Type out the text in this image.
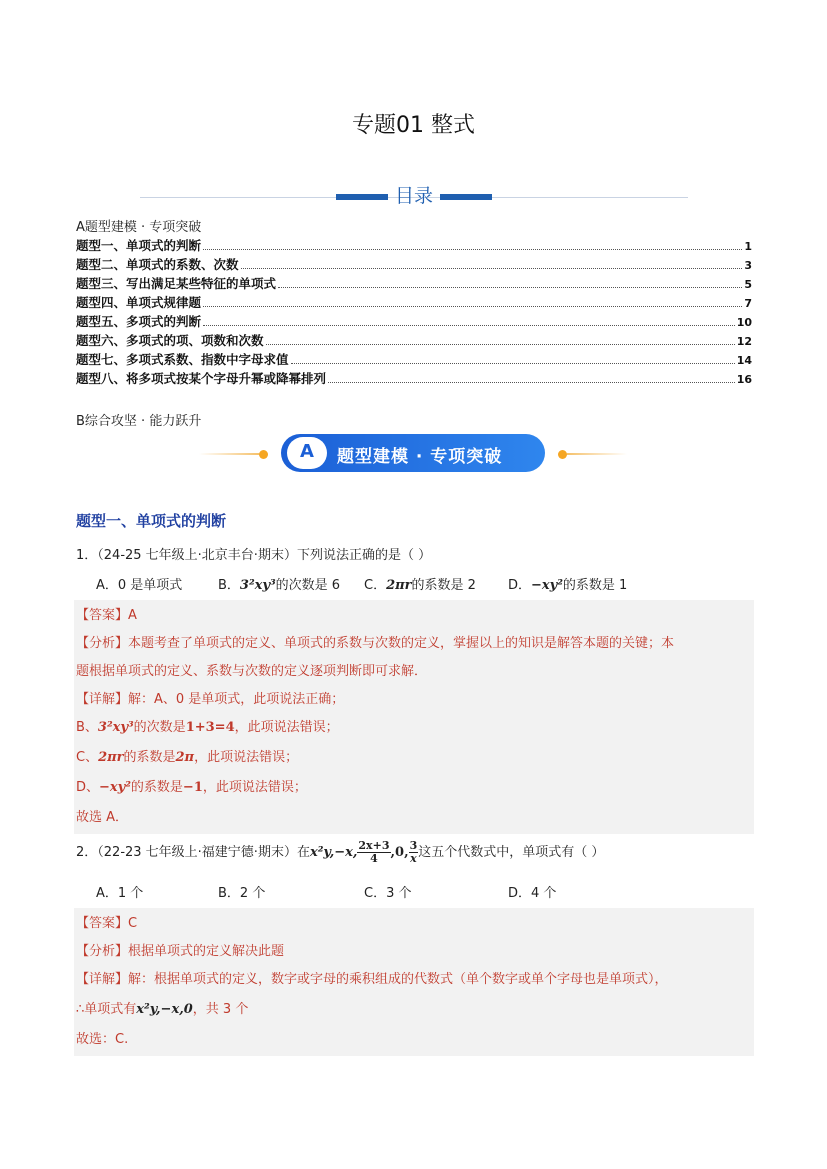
专题01 整式
目录
A题型建模 · 专项突破
题型一、单项式的判断	1
题型二、单项式的系数、次数	3
题型三、写出满足某些特征的单项式	5
题型四、单项式规律题	7
题型五、多项式的判断	10
题型六、多项式的项、项数和次数	12
题型七、多项式系数、指数中字母求值	14
题型八、将多项式按某个字母升幂或降幂排列	16
B综合攻坚 · 能力跃升
A	题型建模 · 专项突破
题型一、单项式的判断
1．（24-25 七年级上·北京丰台·期末）下列说法正确的是（ ）
A．0 是单项式	B．3²xy³的次数是 6 C．2πr的系数是 2 D．−xy²的系数是 1
【答案】A
【分析】本题考查了单项式的定义、单项式的系数与次数的定义，掌握以上的知识是解答本题的关键；本
题根据单项式的定义、系数与次数的定义逐项判断即可求解．
【详解】解：A、0 是单项式，此项说法正确；
B、3²xy³的次数是1+3=4，此项说法错误；
C、2πr的系数是2π，此项说法错误；
D、−xy²的系数是−1，此项说法错误；
故选 A．
2．（22-23 七年级上·福建宁德·期末）在x²y,−x, $\frac{2x+3}{4} ,0$, $\frac{3}{x}$ 这五个代数式中，单项式有（ ）
A．1 个	B．2 个	C．3 个	D．4 个
【答案】C
【分析】根据单项式的定义解决此题
【详解】解：根据单项式的定义，数字或字母的乘积组成的代数式（单个数字或单个字母也是单项式），
∴单项式有x²y,−x,0，共 3 个
故选：C.
